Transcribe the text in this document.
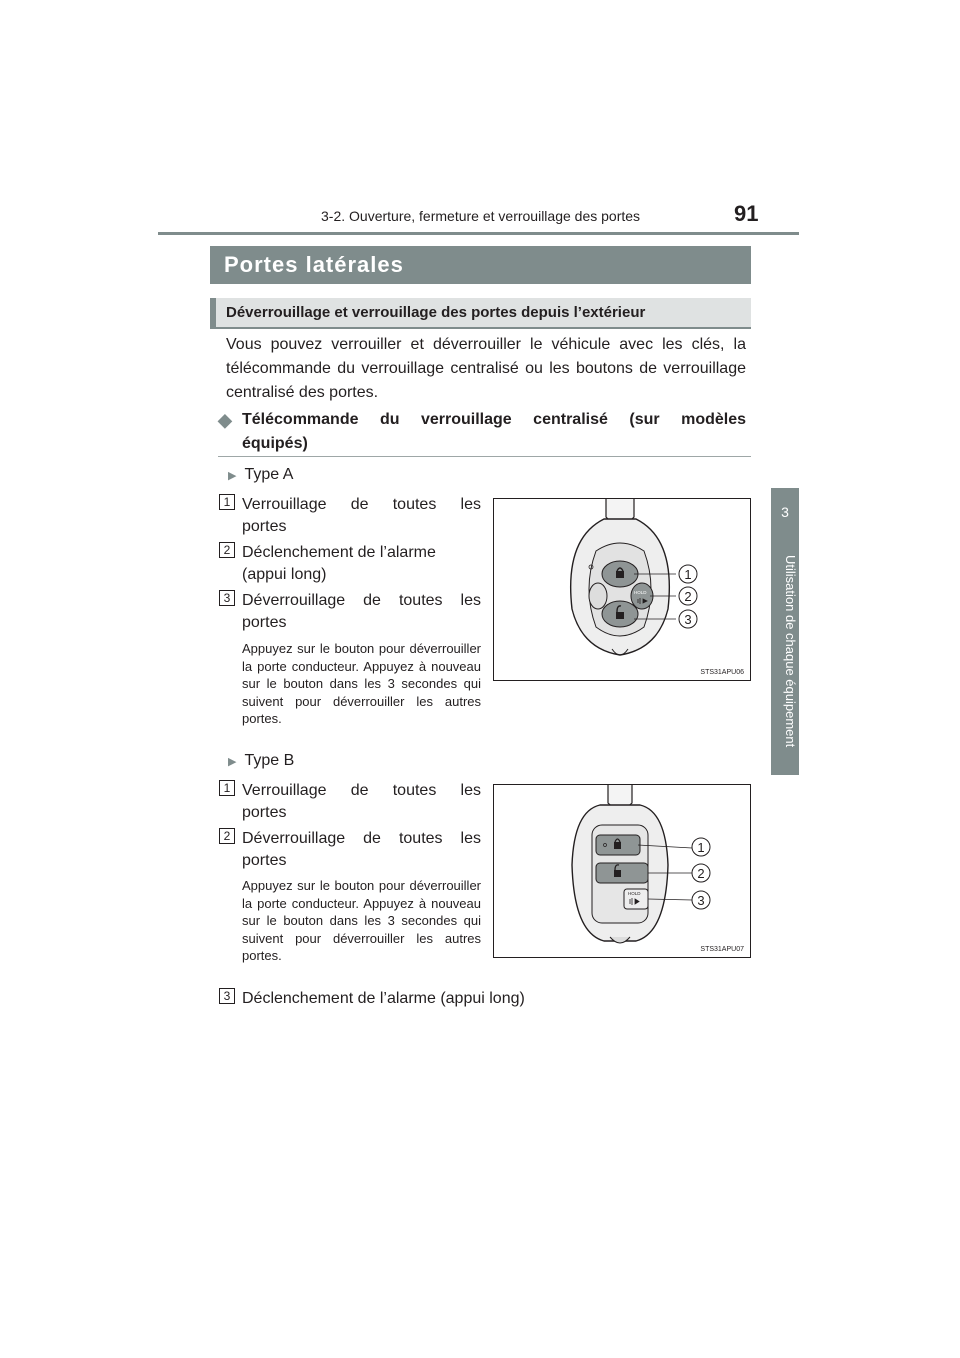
3-2. Ouverture, fermeture et verrouillage des portes	91
3
Utilisation de chaque équipement
Portes latérales
Déverrouillage et verrouillage des portes depuis l’extérieur
Vous pouvez verrouiller et déverrouiller le véhicule avec les clés, la télécommande du verrouillage centralisé ou les boutons de verrouillage centralisé des portes.
◆ Télécommande du verrouillage centralisé (sur modèles
équipés)
▶ Type A
1 Verrouillage de toutes les
portes
2 Déclenchement de l’alarme
(appui long)
3 Déverrouillage de toutes les
portes
Appuyez sur le bouton pour déverrouiller la porte conducteur. Appuyez à nouveau sur le bouton dans les 3 secondes qui suivent pour déverrouiller les autres portes.
HOLD
1
2
3
STS31APU06
▶ Type B
1 Verrouillage de toutes les
portes
2 Déverrouillage de toutes les
portes
Appuyez sur le bouton pour déverrouiller la porte conducteur. Appuyez à nouveau sur le bouton dans les 3 secondes qui suivent pour déverrouiller les autres portes.
3 Déclenchement de l’alarme (appui long)
HOLD
1
2
3
STS31APU07
